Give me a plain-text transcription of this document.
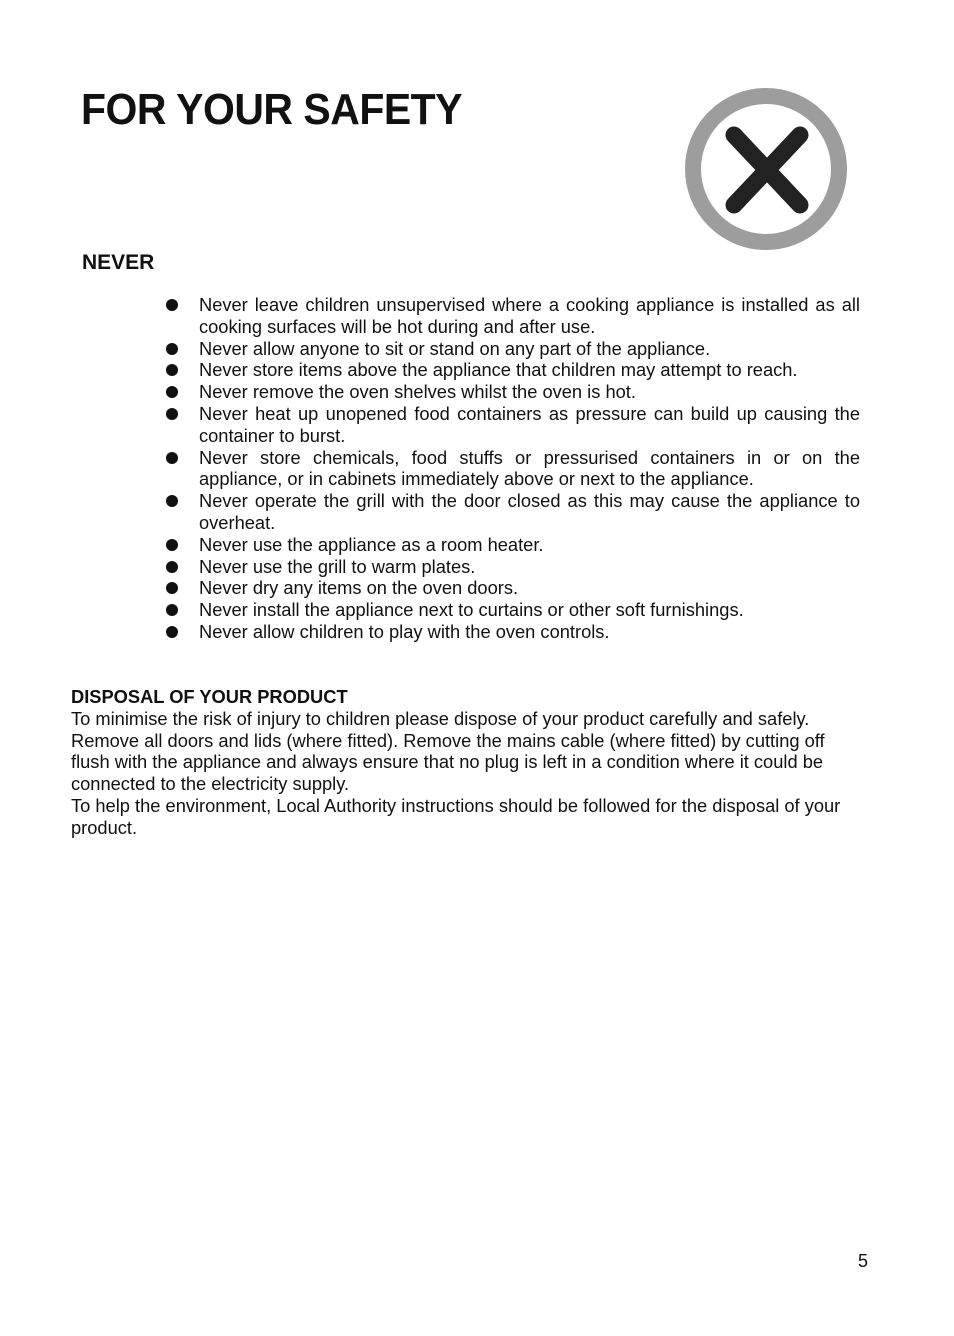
FOR YOUR SAFETY
NEVER
Never leave children unsupervised where a cooking appliance is installed as all cooking surfaces will be hot during and after use.
Never allow anyone to sit or stand on any part of the appliance.
Never store items above the appliance that children may attempt to reach.
Never remove the oven shelves whilst the oven is hot.
Never heat up unopened food containers as pressure can build up causing the container to burst.
Never store chemicals, food stuffs or pressurised containers in or on the appliance, or in cabinets immediately above or next to the appliance.
Never operate the grill with the door closed as this may cause the appliance to overheat.
Never use the appliance as a room heater.
Never use the grill to warm plates.
Never dry any items on the oven doors.
Never install the appliance next to curtains or other soft furnishings.
Never allow children to play with the oven controls.
DISPOSAL OF YOUR PRODUCT

To minimise the risk of injury to children please dispose of your product carefully and safely. Remove all doors and lids (where fitted). Remove the mains cable (where fitted) by cutting off flush with the appliance and always ensure that no plug is left in a condition where it could be connected to the electricity supply.

To help the environment, Local Authority instructions should be followed for the disposal of your product.

5
